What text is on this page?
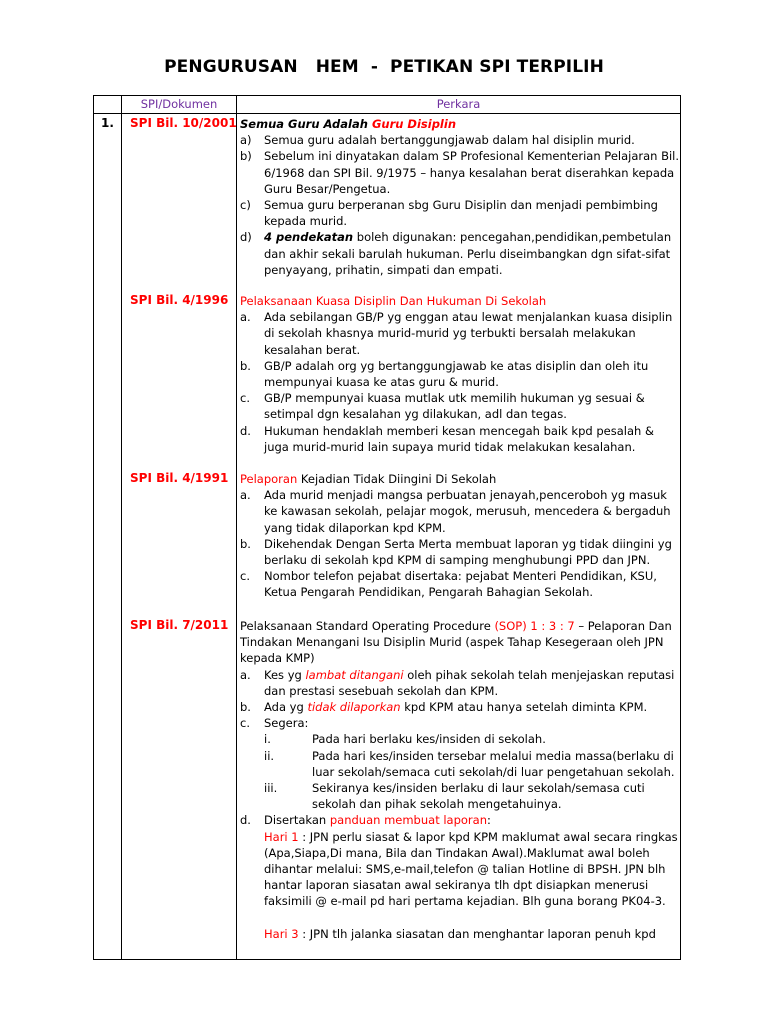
PENGURUSAN   HEM  -  PETIKAN SPI TERPILIH
SPI/Dokumen	Perkara
1. SPI Bil. 10/2001 Semua Guru Adalah Guru Disiplin
a)	Semua guru adalah bertanggungjawab dalam hal disiplin murid.
b)	Sebelum ini dinyatakan dalam SP Profesional Kementerian Pelajaran Bil. 6/1968 dan SPI Bil. 9/1975 – hanya kesalahan berat diserahkan kepada Guru Besar/Pengetua.
c)	Semua guru berperanan sbg Guru Disiplin dan menjadi pembimbing kepada murid.
d)	4 pendekatan boleh digunakan: pencegahan,pendidikan,pembetulan dan akhir sekali barulah hukuman. Perlu diseimbangkan dgn sifat-sifat penyayang, prihatin, simpati dan empati.
SPI Bil. 4/1996 Pelaksanaan Kuasa Disiplin Dan Hukuman Di Sekolah
a.	Ada sebilangan GB/P yg enggan atau lewat menjalankan kuasa disiplin di sekolah khasnya murid-murid yg terbukti bersalah melakukan kesalahan berat.
b.	GB/P adalah org yg bertanggungjawab ke atas disiplin dan oleh itu mempunyai kuasa ke atas guru & murid.
c.	GB/P mempunyai kuasa mutlak utk memilih hukuman yg sesuai & setimpal dgn kesalahan yg dilakukan, adl dan tegas.
d.	Hukuman hendaklah memberi kesan mencegah baik kpd pesalah & juga murid-murid lain supaya murid tidak melakukan kesalahan.
SPI Bil. 4/1991 Pelaporan Kejadian Tidak Diingini Di Sekolah
a.	Ada murid menjadi mangsa perbuatan jenayah,penceroboh yg masuk ke kawasan sekolah, pelajar mogok, merusuh, mencedera & bergaduh yang tidak dilaporkan kpd KPM.
b.	Dikehendak Dengan Serta Merta membuat laporan yg tidak diingini yg berlaku di sekolah kpd KPM di samping menghubungi PPD dan JPN.
c.	Nombor telefon pejabat disertaka: pejabat Menteri Pendidikan, KSU, Ketua Pengarah Pendidikan, Pengarah Bahagian Sekolah.
SPI Bil. 7/2011 Pelaksanaan Standard Operating Procedure (SOP) 1 : 3 : 7 – Pelaporan Dan Tindakan Menangani Isu Disiplin Murid (aspek Tahap Kesegeraan oleh JPN kepada KMP)
a.	Kes yg lambat ditangani oleh pihak sekolah telah menjejaskan reputasi dan prestasi sesebuah sekolah dan KPM.
b.	Ada yg tidak dilaporkan kpd KPM atau hanya setelah diminta KPM.
c.	Segera:
i.	Pada hari berlaku kes/insiden di sekolah.
ii.	Pada hari kes/insiden tersebar melalui media massa(berlaku di luar sekolah/semaca cuti sekolah/di luar pengetahuan sekolah.
iii.	Sekiranya kes/insiden berlaku di laur sekolah/semasa cuti sekolah dan pihak sekolah mengetahuinya.
d.	Disertakan panduan membuat laporan:
Hari 1 : JPN perlu siasat & lapor kpd KPM maklumat awal secara ringkas (Apa,Siapa,Di mana, Bila dan Tindakan Awal).Maklumat awal boleh dihantar melalui: SMS,e-mail,telefon @ talian Hotline di BPSH. JPN blh hantar laporan siasatan awal sekiranya tlh dpt disiapkan menerusi faksimili @ e-mail pd hari pertama kejadian. Blh guna borang PK04-3.
Hari 3 : JPN tlh jalanka siasatan dan menghantar laporan penuh kpd
